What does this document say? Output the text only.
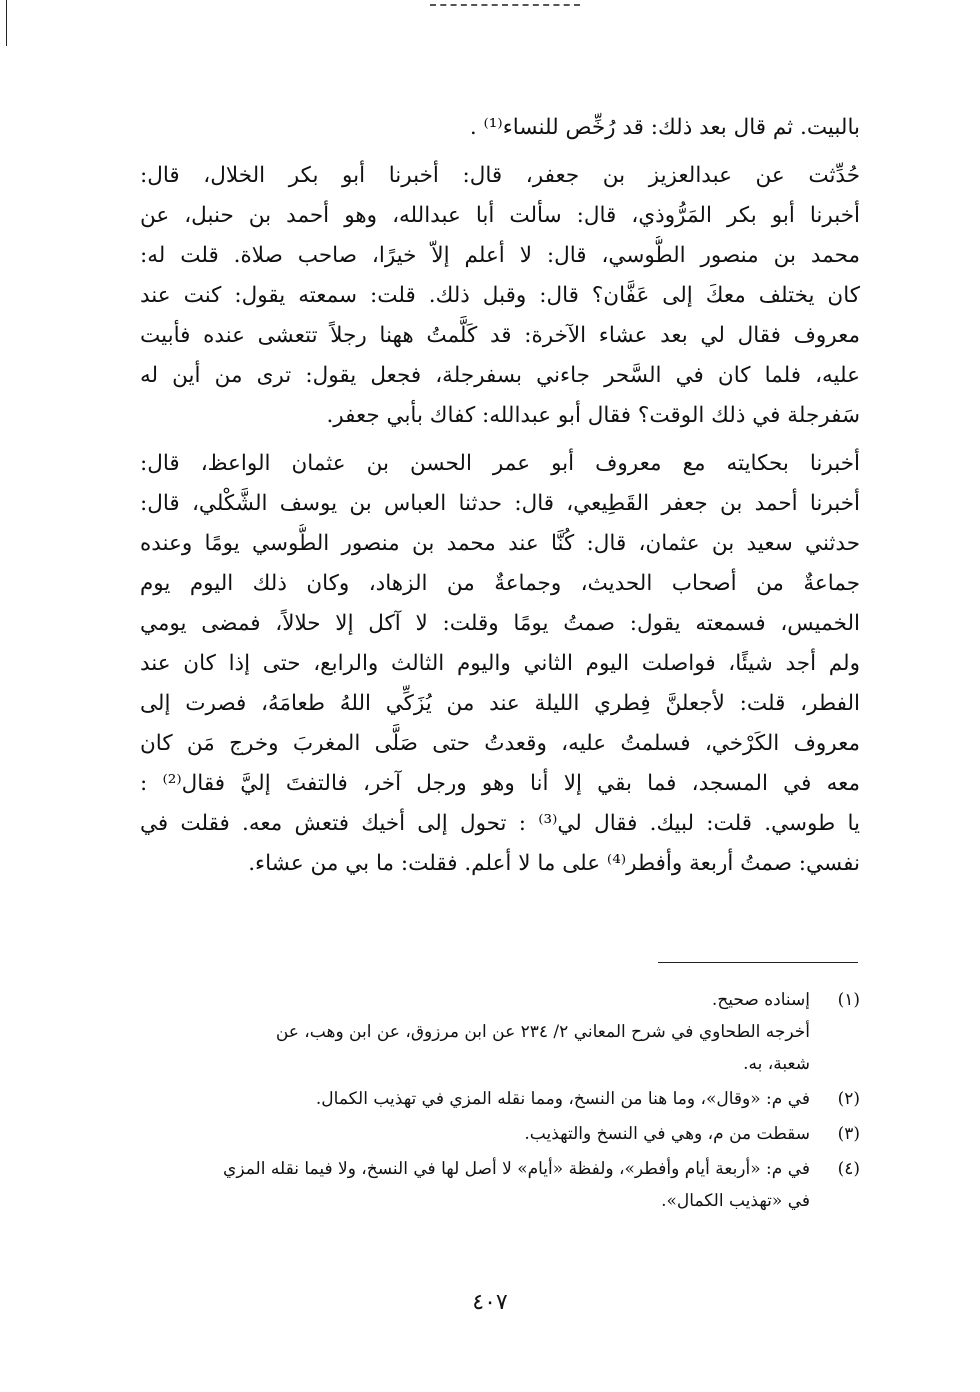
بالبيت. ثم قال بعد ذلك: قد رُخِّص للنساء⁽¹⁾ .
حُدِّثت عن عبدالعزيز بن جعفر، قال: أخبرنا أبو بكر الخلال، قال:
أخبرنا أبو بكر المَرُّوذي، قال: سألت أبا عبدالله، وهو أحمد بن حنبل، عن
محمد بن منصور الطُّوسي، قال: لا أعلم إلاّ خيرًا، صاحب صلاة. قلت له:
كان يختلف معكَ إلى عَفَّان؟ قال: وقبل ذلك. قلت: سمعته يقول: كنت عند
معروف فقال لي بعد عشاء الآخرة: قد كَلَّمتُ ههنا رجلاً تتعشى عنده فأبيت
عليه، فلما كان في السَّحر جاءني بسفرجلة، فجعل يقول: ترى من أين له
سَفرجلة في ذلك الوقت؟ فقال أبو عبدالله: كفاك بأبي جعفر.
أخبرنا بحكايته مع معروف أبو عمر الحسن بن عثمان الواعظ، قال:
أخبرنا أحمد بن جعفر القَطِيعي، قال: حدثنا العباس بن يوسف الشَّكْلي، قال:
حدثني سعيد بن عثمان، قال: كُنَّا عند محمد بن منصور الطُّوسي يومًا وعنده
جماعةٌ من أصحاب الحديث، وجماعةٌ من الزهاد، وكان ذلك اليوم يوم
الخميس، فسمعته يقول: صمتُ يومًا وقلت: لا آكل إلا حلالاً، فمضى يومي
ولم أجد شيئًا، فواصلت اليوم الثاني واليوم الثالث والرابع، حتى إذا كان عند
الفطر، قلت: لأجعلنَّ فِطري الليلة عند من يُزَكِّي اللهُ طعامَهُ، فصرت إلى
معروف الكَرْخي، فسلمتُ عليه، وقعدتُ حتى صَلَّى المغربَ وخرج مَن كان
معه في المسجد، فما بقي إلا أنا وهو ورجل آخر، فالتفتَ إليَّ فقال⁽²⁾ :
يا طوسي. قلت: لبيك. فقال لي⁽³⁾ : تحول إلى أخيك فتعش معه. فقلت في
نفسي: صمتُ أربعة وأفطر⁽⁴⁾ على ما لا أعلم. فقلت: ما بي من عشاء.
(١)
إسناده صحيح.
أخرجه الطحاوي في شرح المعاني ٢/ ٢٣٤ عن ابن مرزوق، عن ابن وهب، عن
شعبة، به.
(٢)
في م: «وقال»، وما هنا من النسخ، ومما نقله المزي في تهذيب الكمال.
(٣)
سقطت من م، وهي في النسخ والتهذيب.
(٤)
في م: «أربعة أيام وأفطر»، ولفظة «أيام» لا أصل لها في النسخ، ولا فيما نقله المزي
في «تهذيب الكمال».
٤٠٧
